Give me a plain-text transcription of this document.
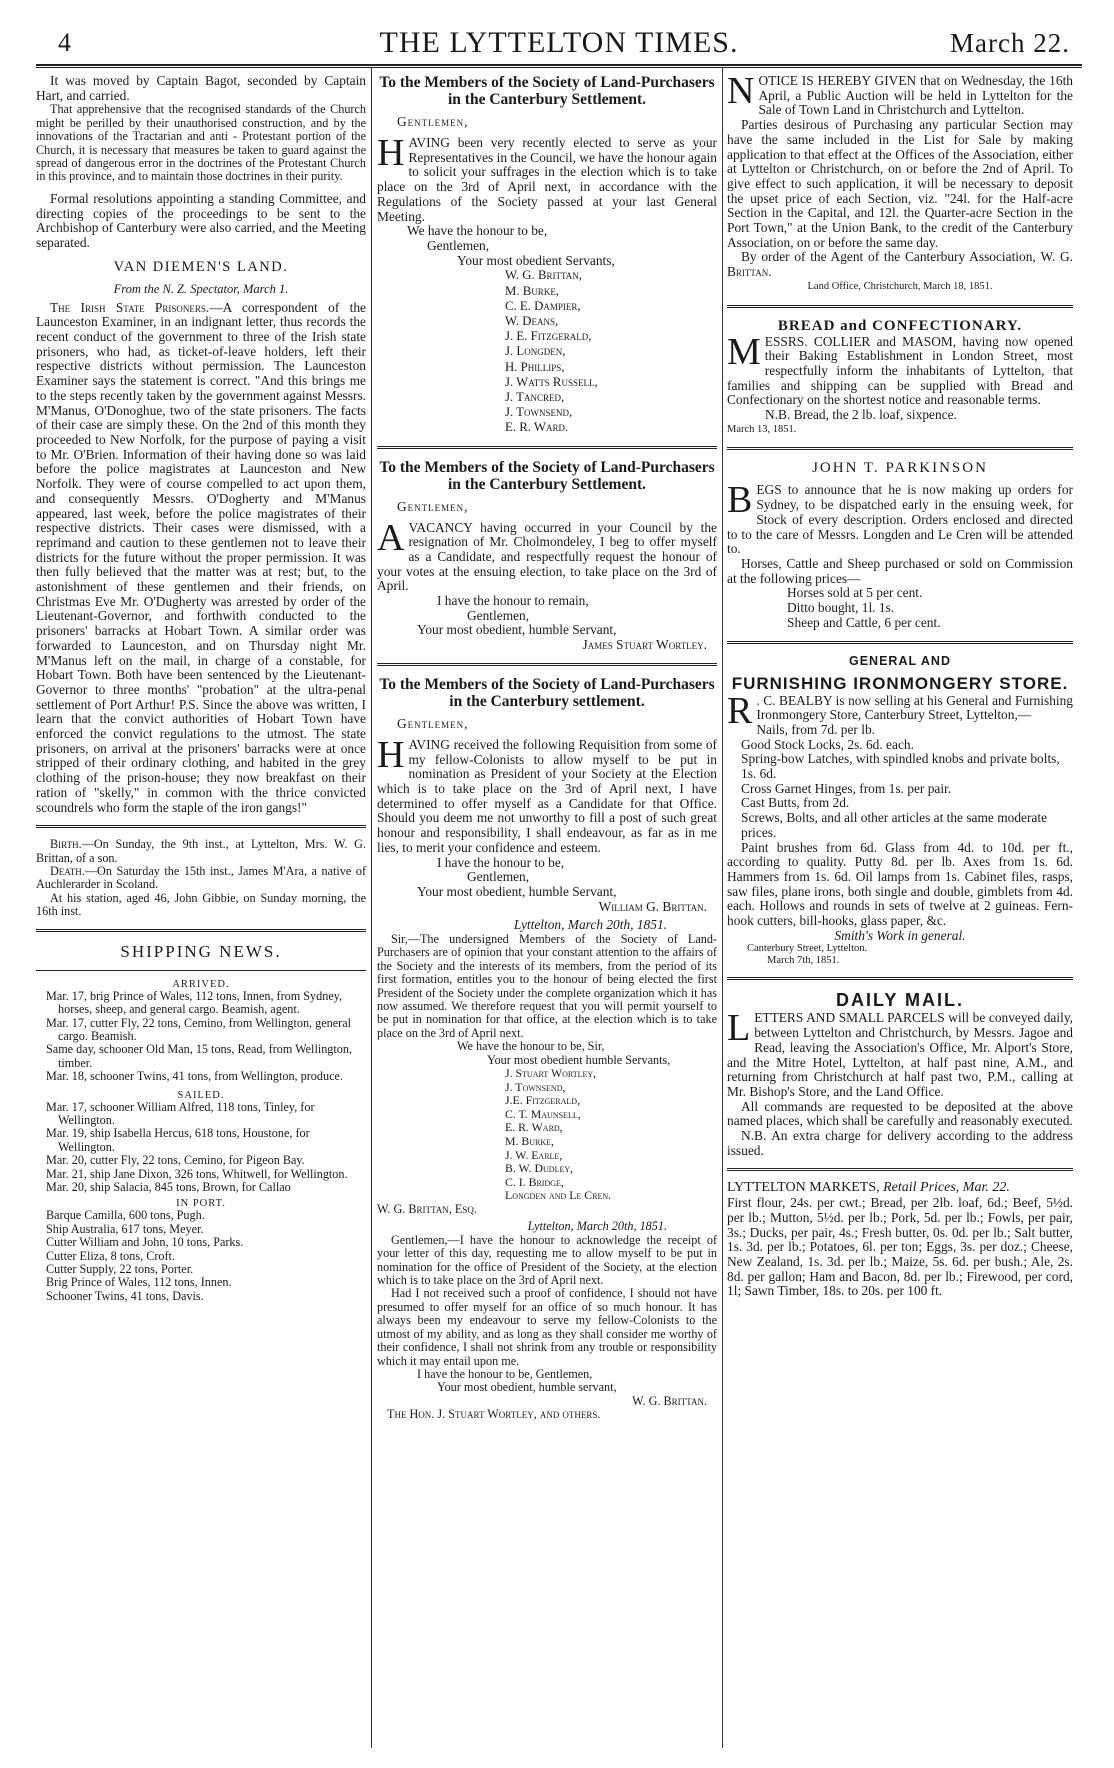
4	THE LYTTELTON TIMES.	March 22.

It was moved by Captain Bagot, seconded by Captain Hart, and carried.

That apprehensive that the recognised standards of the Church might be perilled by their unauthorised construction, and by the innovations of the Tractarian and anti - Protestant portion of the Church, it is necessary that measures be taken to guard against the spread of dangerous error in the doctrines of the Protestant Church in this province, and to maintain those doctrines in their purity.

Formal resolutions appointing a standing Committee, and directing copies of the proceedings to be sent to the Archbishop of Canterbury were also carried, and the Meeting separated.

VAN DIEMEN'S LAND.
From the N. Z. Spectator, March 1.

The Irish State Prisoners.—A correspondent of the Launceston Examiner, in an indignant letter, thus records the recent conduct of the government to three of the Irish state prisoners, who had, as ticket-of-leave holders, left their respective districts without permission. The Launceston Examiner says the statement is correct. "And this brings me to the steps recently taken by the government against Messrs. M'Manus, O'Donoghue, two of the state prisoners. The facts of their case are simply these. On the 2nd of this month they proceeded to New Norfolk, for the purpose of paying a visit to Mr. O'Brien. Information of their having done so was laid before the police magistrates at Launceston and New Norfolk. They were of course compelled to act upon them, and consequently Messrs. O'Dogherty and M'Manus appeared, last week, before the police magistrates of their respective districts. Their cases were dismissed, with a reprimand and caution to these gentlemen not to leave their districts for the future without the proper permission. It was then fully believed that the matter was at rest; but, to the astonishment of these gentlemen and their friends, on Christmas Eve Mr. O'Dugherty was arrested by order of the Lieutenant-Governor, and forthwith conducted to the prisoners' barracks at Hobart Town. A similar order was forwarded to Launceston, and on Thursday night Mr. M'Manus left on the mail, in charge of a constable, for Hobart Town. Both have been sentenced by the Lieutenant-Governor to three months' "probation" at the ultra-penal settlement of Port Arthur! P.S. Since the above was written, I learn that the convict authorities of Hobart Town have enforced the convict regulations to the utmost. The state prisoners, on arrival at the prisoners' barracks were at once stripped of their ordinary clothing, and habited in the grey clothing of the prison-house; they now breakfast on their ration of "skelly," in common with the thrice convicted scoundrels who form the staple of the iron gangs!"

Birth.—On Sunday, the 9th inst., at Lyttelton, Mrs. W. G. Brittan, of a son.

Death.—On Saturday the 15th inst., James M'Ara, a native of Auchlerarder in Scoland.

At his station, aged 46, John Gibbie, on Sunday morning, the 16th inst.

SHIPPING NEWS.
ARRIVED.

Mar. 17, brig Prince of Wales, 112 tons, Innen, from Sydney, horses, sheep, and general cargo. Beamish, agent.

Mar. 17, cutter Fly, 22 tons, Cemino, from Wellington, general cargo. Beamish.

Same day, schooner Old Man, 15 tons, Read, from Wellington, timber.

Mar. 18, schooner Twins, 41 tons, from Wellington, produce.

SAILED.

Mar. 17, schooner William Alfred, 118 tons, Tinley, for Wellington.

Mar. 19, ship Isabella Hercus, 618 tons, Houstone, for Wellington.

Mar. 20, cutter Fly, 22 tons, Cemino, for Pigeon Bay.

Mar. 21, ship Jane Dixon, 326 tons, Whitwell, for Wellington.

Mar. 20, ship Salacia, 845 tons, Brown, for Callao

IN PORT.

Barque Camilla, 600 tons, Pugh.

Ship Australia, 617 tons, Meyer.

Cutter William and John, 10 tons, Parks.

Cutter Eliza, 8 tons, Croft.

Cutter Supply, 22 tons, Porter.

Brig Prince of Wales, 112 tons, Innen.

Schooner Twins, 41 tons, Davis.

To the Members of the Society of Land-Purchasers in the Canterbury Settlement.
Gentlemen,

HAVING been very recently elected to serve as your Representatives in the Council, we have the honour again to solicit your suffrages in the election which is to take place on the 3rd of April next, in accordance with the Regulations of the Society passed at your last General Meeting.

We have the honour to be,

Gentlemen,

Your most obedient Servants,

W. G. Brittan,

M. Burke,

C. E. Dampier,

W. Deans,

J. E. Fitzgerald,

J. Longden,

H. Phillips,

J. Watts Russell,

J. Tancred,

J. Townsend,

E. R. Ward.

To the Members of the Society of Land-Purchasers in the Canterbury Settlement.
Gentlemen,

AVACANCY having occurred in your Council by the resignation of Mr. Cholmondeley, I beg to offer myself as a Candidate, and respectfully request the honour of your votes at the ensuing election, to take place on the 3rd of April.

I have the honour to remain,

Gentlemen,

Your most obedient, humble Servant,

James Stuart Wortley.

To the Members of the Society of Land-Purchasers in the Canterbury settlement.
Gentlemen,

HAVING received the following Requisition from some of my fellow-Colonists to allow myself to be put in nomination as President of your Society at the Election which is to take place on the 3rd of April next, I have determined to offer myself as a Candidate for that Office. Should you deem me not unworthy to fill a post of such great honour and responsibility, I shall endeavour, as far as in me lies, to merit your confidence and esteem.

I have the honour to be,

Gentlemen,

Your most obedient, humble Servant,

William G. Brittan.

Lyttelton, March 20th, 1851.

Sir,—The undersigned Members of the Society of Land-Purchasers are of opinion that your constant attention to the affairs of the Society and the interests of its members, from the period of its first formation, entitles you to the honour of being elected the first President of the Society under the complete organization which it has now assumed. We therefore request that you will permit yourself to be put in nomination for that office, at the election which is to take place on the 3rd of April next.

We have the honour to be, Sir,

Your most obedient humble Servants,

J. Stuart Wortley,

J. Townsend,

J.E. Fitzgerald,

C. T. Maunsell,

E. R. Ward,

M. Burke,

J. W. Earle,

B. W. Dudley,

C. I. Bridge,

Longden and Le Cren.

W. G. Brittan, Esq.

Lyttelton, March 20th, 1851.

Gentlemen,—I have the honour to acknowledge the receipt of your letter of this day, requesting me to allow myself to be put in nomination for the office of President of the Society, at the election which is to take place on the 3rd of April next.

Had I not received such a proof of confidence, I should not have presumed to offer myself for an office of so much honour. It has always been my endeavour to serve my fellow-Colonists to the utmost of my ability, and as long as they shall consider me worthy of their confidence, I shall not shrink from any trouble or responsibility which it may entail upon me.

I have the honour to be, Gentlemen,

Your most obedient, humble servant,

W. G. Brittan.

The Hon. J. Stuart Wortley, and others.

NOTICE IS HEREBY GIVEN that on Wednesday, the 16th April, a Public Auction will be held in Lyttelton for the Sale of Town Land in Christchurch and Lyttelton.

Parties desirous of Purchasing any particular Section may have the same included in the List for Sale by making application to that effect at the Offices of the Association, either at Lyttelton or Christchurch, on or before the 2nd of April. To give effect to such application, it will be necessary to deposit the upset price of each Section, viz. "24l. for the Half-acre Section in the Capital, and 12l. the Quarter-acre Section in the Port Town," at the Union Bank, to the credit of the Canterbury Association, on or before the same day.

By order of the Agent of the Canterbury Association, W. G. Brittan.

Land Office, Christchurch, March 18, 1851.

BREAD and CONFECTIONARY.

MESSRS. COLLIER and MASOM, having now opened their Baking Establishment in London Street, most respectfully inform the inhabitants of Lyttelton, that families and shipping can be supplied with Bread and Confectionary on the shortest notice and reasonable terms.

N.B. Bread, the 2 lb. loaf, sixpence.

March 13, 1851.

JOHN T. PARKINSON

BEGS to announce that he is now making up orders for Sydney, to be dispatched early in the ensuing week, for Stock of every description. Orders enclosed and directed to to the care of Messrs. Longden and Le Cren will be attended to.

Horses, Cattle and Sheep purchased or sold on Commission at the following prices—

Horses sold at 5 per cent.

Ditto bought, 1l. 1s.

Sheep and Cattle, 6 per cent.

GENERAL AND
FURNISHING IRONMONGERY STORE.

R . C. BEALBY is now selling at his General and Furnishing Ironmongery Store, Canterbury Street, Lyttelton,—

Nails, from 7d. per lb.

Good Stock Locks, 2s. 6d. each.

Spring-bow Latches, with spindled knobs and private bolts, 1s. 6d.

Cross Garnet Hinges, from 1s. per pair.

Cast Butts, from 2d.

Screws, Bolts, and all other articles at the same moderate prices.

Paint brushes from 6d. Glass from 4d. to 10d. per ft., according to quality. Putty 8d. per lb. Axes from 1s. 6d. Hammers from 1s. 6d. Oil lamps from 1s. Cabinet files, rasps, saw files, plane irons, both single and double, gimblets from 4d. each. Hollows and rounds in sets of twelve at 2 guineas. Fern-hook cutters, bill-hooks, glass paper, &c.

Smith's Work in general.

Canterbury Street, Lyttelton.

March 7th, 1851.

DAILY MAIL.

LETTERS AND SMALL PARCELS will be conveyed daily, between Lyttelton and Christchurch, by Messrs. Jagoe and Read, leaving the Association's Office, Mr. Alport's Store, and the Mitre Hotel, Lyttelton, at half past nine, A.M., and returning from Christchurch at half past two, P.M., calling at Mr. Bishop's Store, and the Land Office.

All commands are requested to be deposited at the above named places, which shall be carefully and reasonably executed.

N.B. An extra charge for delivery according to the address issued.

LYTTELTON MARKETS, Retail Prices, Mar. 22.

First flour, 24s. per cwt.; Bread, per 2lb. loaf, 6d.; Beef, 5½d. per lb.; Mutton, 5½d. per lb.; Pork, 5d. per lb.; Fowls, per pair, 3s.; Ducks, per pair, 4s.; Fresh butter, 0s. 0d. per lb.; Salt butter, 1s. 3d. per lb.; Potatoes, 6l. per ton; Eggs, 3s. per doz.; Cheese, New Zealand, 1s. 3d. per lb.; Maize, 5s. 6d. per bush.; Ale, 2s. 8d. per gallon; Ham and Bacon, 8d. per lb.; Firewood, per cord, 1l; Sawn Timber, 18s. to 20s. per 100 ft.
